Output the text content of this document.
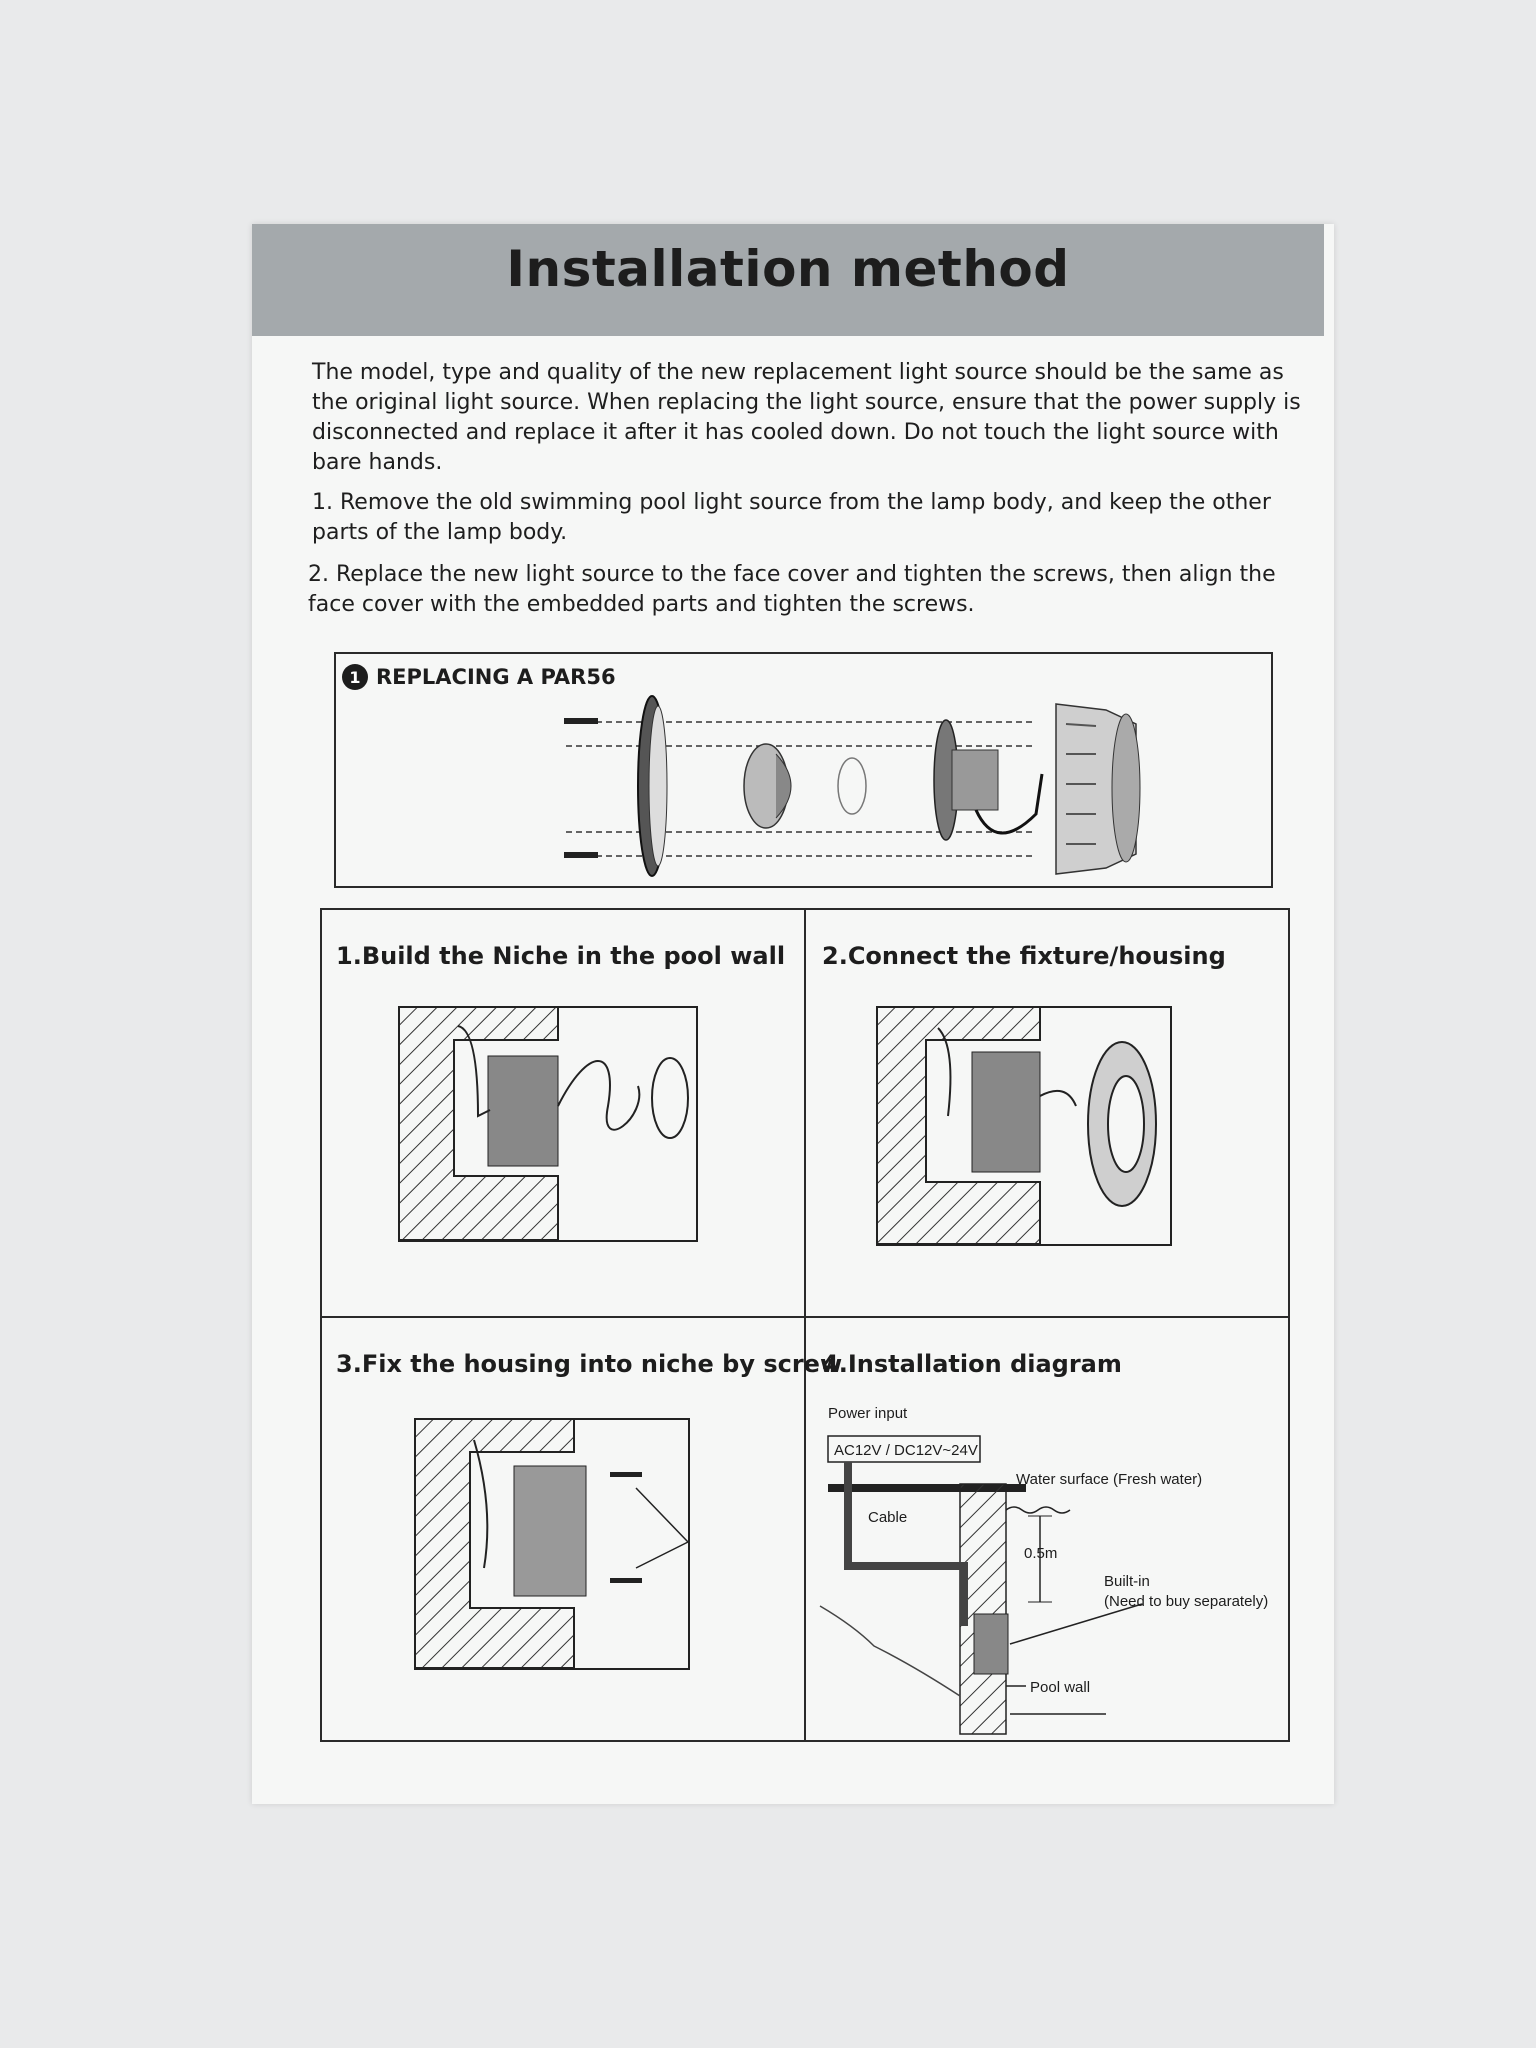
Installation method
The model, type and quality of the new replacement light source should be the same as the original light source. When replacing the light source, ensure that the power supply is disconnected and replace it after it has cooled down. Do not touch the light source with bare hands.
1. Remove the old swimming pool light source from the lamp body, and keep the other parts of the lamp body.
2. Replace the new light source to the face cover and tighten the screws, then align the face cover with the embedded parts and tighten the screws.
1 REPLACING A PAR56
1.Build the Niche in the pool wall 2.Connect the fixture/housing
3.Fix the housing into niche by screw
4.Installation diagram
Power input
AC12V / DC12V~24V
Cable
Water surface (Fresh water)
0.5m
Built-in
(Need to buy separately)
Pool wall
